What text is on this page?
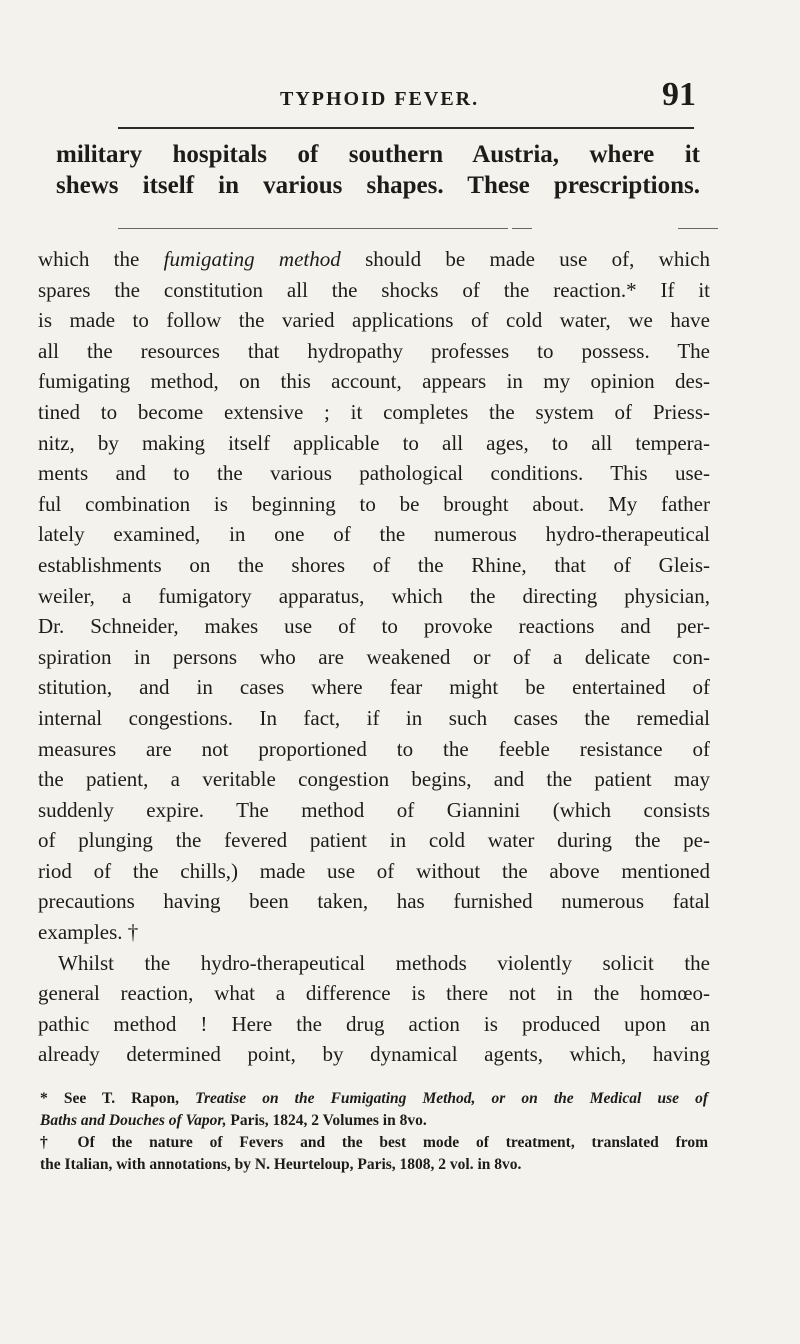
TYPHOID FEVER.	91
military hospitals of southern Austria, where it
shews itself in various shapes. These prescriptions.
which the fumigating method should be made use of, which
spares the constitution all the shocks of the reaction.* If it
is made to follow the varied applications of cold water, we have
all the resources that hydropathy professes to possess. The
fumigating method, on this account, appears in my opinion des-
tined to become extensive ; it completes the system of Priess-
nitz, by making itself applicable to all ages, to all tempera-
ments and to the various pathological conditions. This use-
ful combination is beginning to be brought about. My father
lately examined, in one of the numerous hydro-therapeutical
establishments on the shores of the Rhine, that of Gleis-
weiler, a fumigatory apparatus, which the directing physician,
Dr. Schneider, makes use of to provoke reactions and per-
spiration in persons who are weakened or of a delicate con-
stitution, and in cases where fear might be entertained of
internal congestions. In fact, if in such cases the remedial
measures are not proportioned to the feeble resistance of
the patient, a veritable congestion begins, and the patient may
suddenly expire. The method of Giannini (which consists
of plunging the fevered patient in cold water during the pe-
riod of the chills,) made use of without the above mentioned
precautions having been taken, has furnished numerous fatal
examples. †
Whilst the hydro-therapeutical methods violently solicit the
general reaction, what a difference is there not in the homœo-
pathic method ! Here the drug action is produced upon an
already determined point, by dynamical agents, which, having
* See T. Rapon, Treatise on the Fumigating Method, or on the Medical use of
Baths and Douches of Vapor, Paris, 1824, 2 Volumes in 8vo.
† Of the nature of Fevers and the best mode of treatment, translated from
the Italian, with annotations, by N. Heurteloup, Paris, 1808, 2 vol. in 8vo.
